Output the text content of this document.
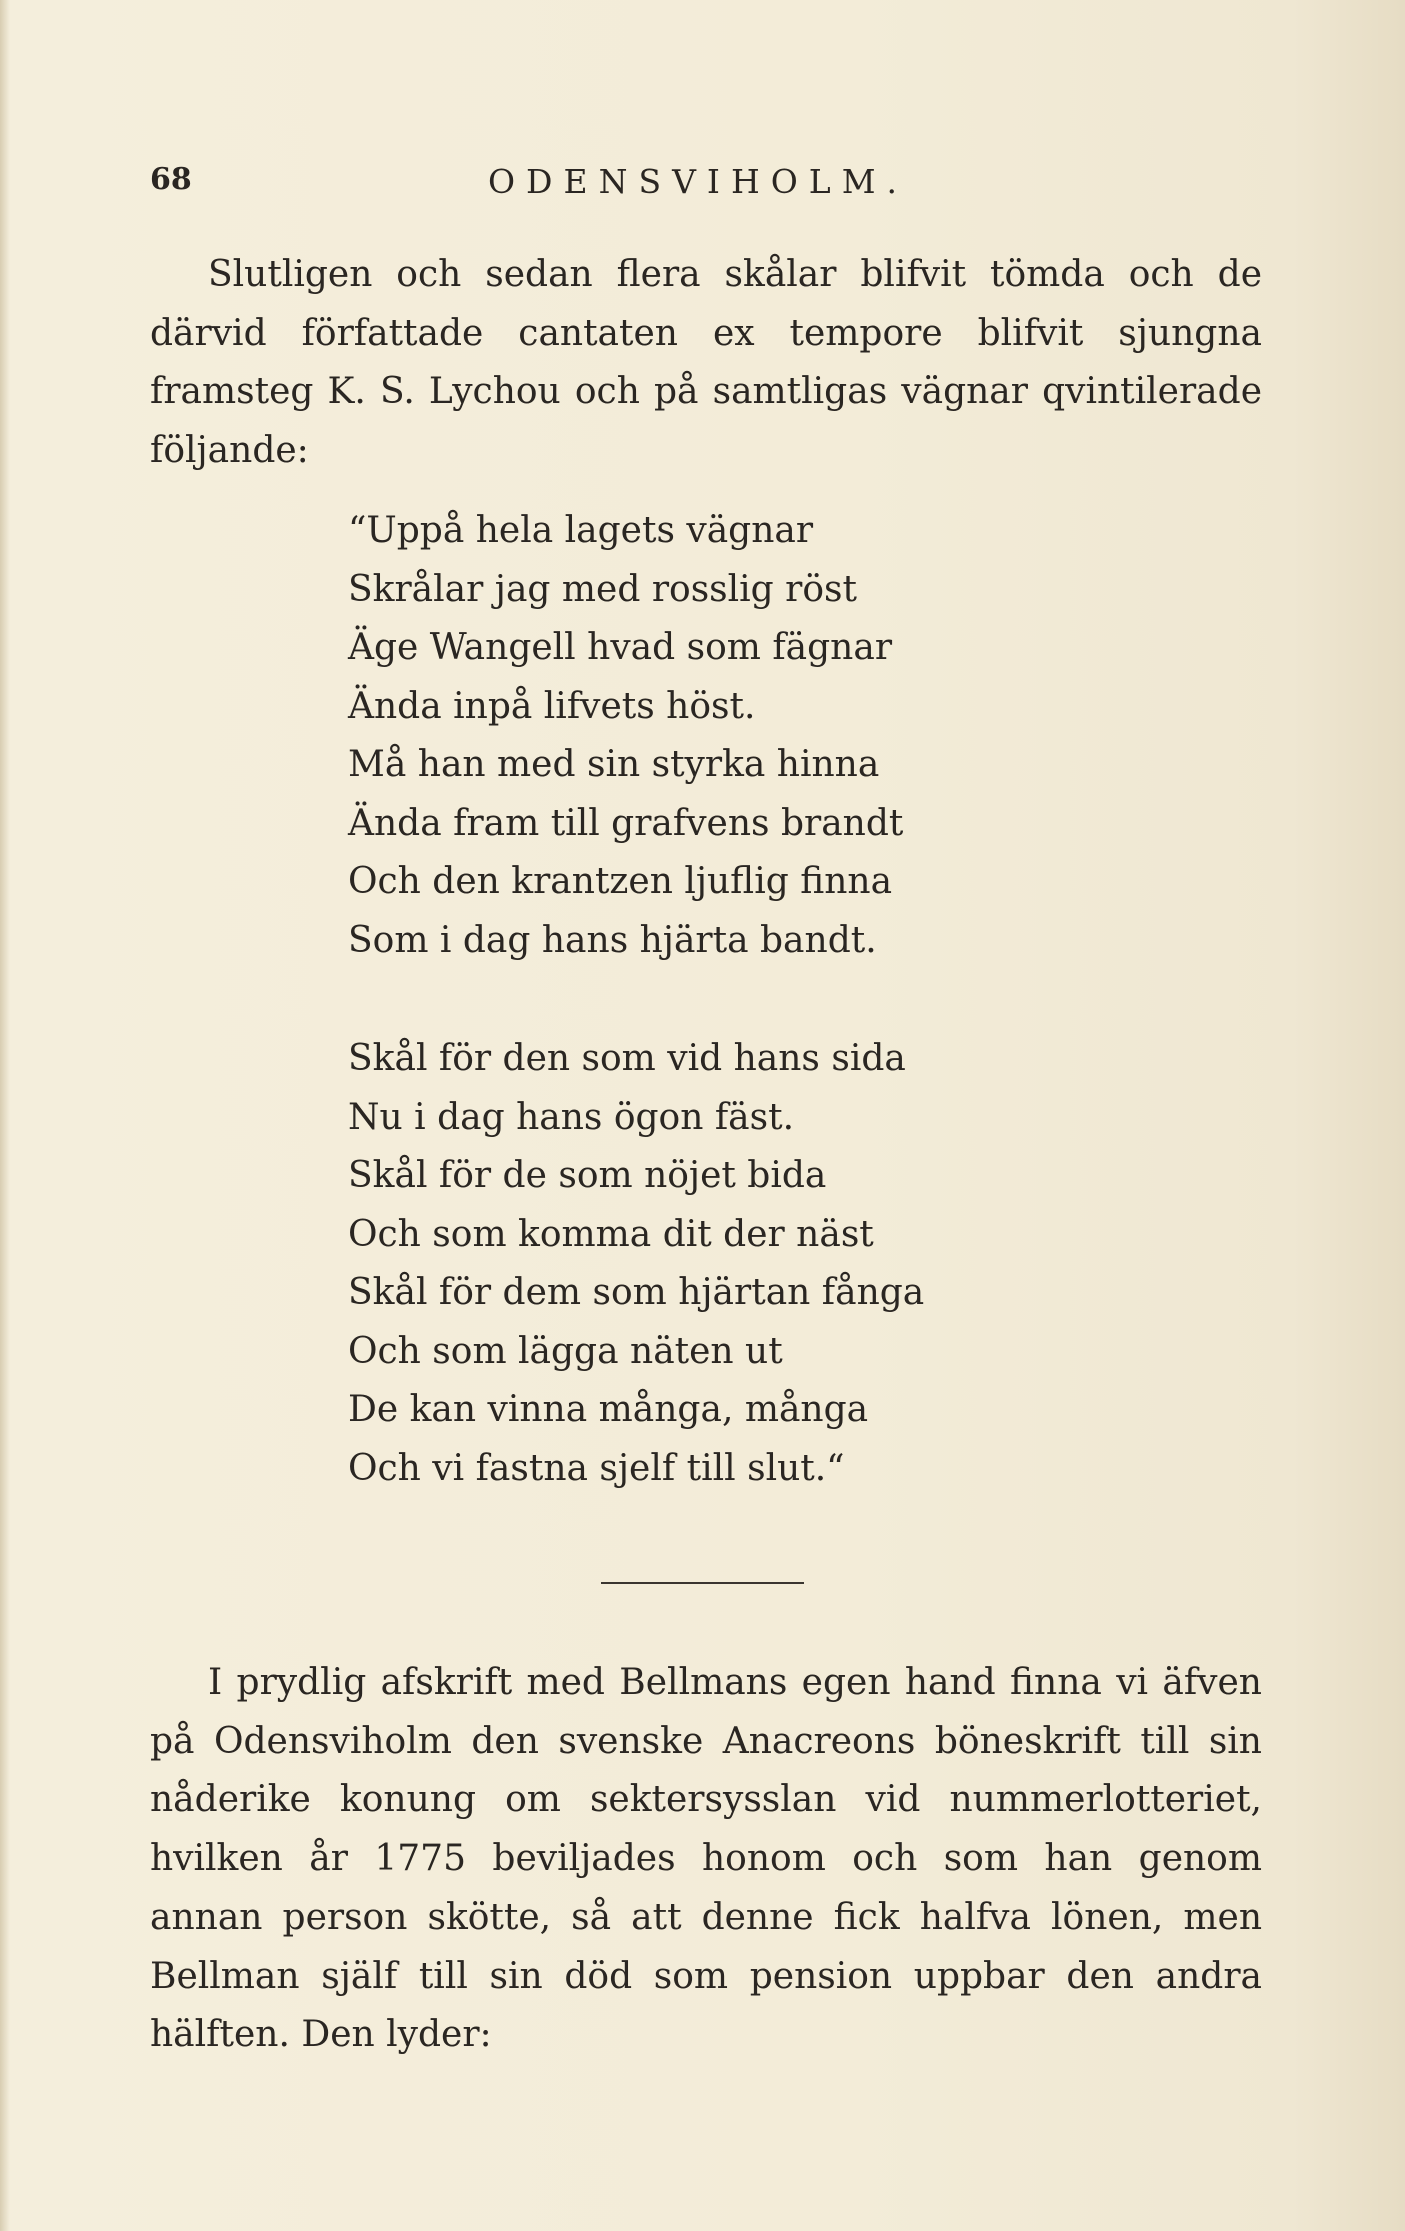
68	ODENSVIHOLM.

Slutligen och sedan flera skålar blifvit tömda och de därvid författade cantaten ex tempore blifvit sjungna framsteg K. S. Lychou och på samtligas vägnar qvintilerade följande:

“Uppå hela lagets vägnar
Skrålar jag med rosslig röst
Äge Wangell hvad som fägnar
Ända inpå lifvets höst.
Må han med sin styrka hinna
Ända fram till grafvens brandt
Och den krantzen ljuflig finna
Som i dag hans hjärta bandt.
Skål för den som vid hans sida
Nu i dag hans ögon fäst.
Skål för de som nöjet bida
Och som komma dit der näst
Skål för dem som hjärtan fånga
Och som lägga näten ut
De kan vinna många, många
Och vi fastna sjelf till slut.“

I prydlig afskrift med Bellmans egen hand finna vi äfven på Odensviholm den svenske Anacreons böneskrift till sin nåderike konung om sektersysslan vid nummerlotteriet, hvilken år 1775 beviljades honom och som han genom annan person skötte, så att denne fick halfva lönen, men Bellman själf till sin död som pension uppbar den andra hälften. Den lyder:
